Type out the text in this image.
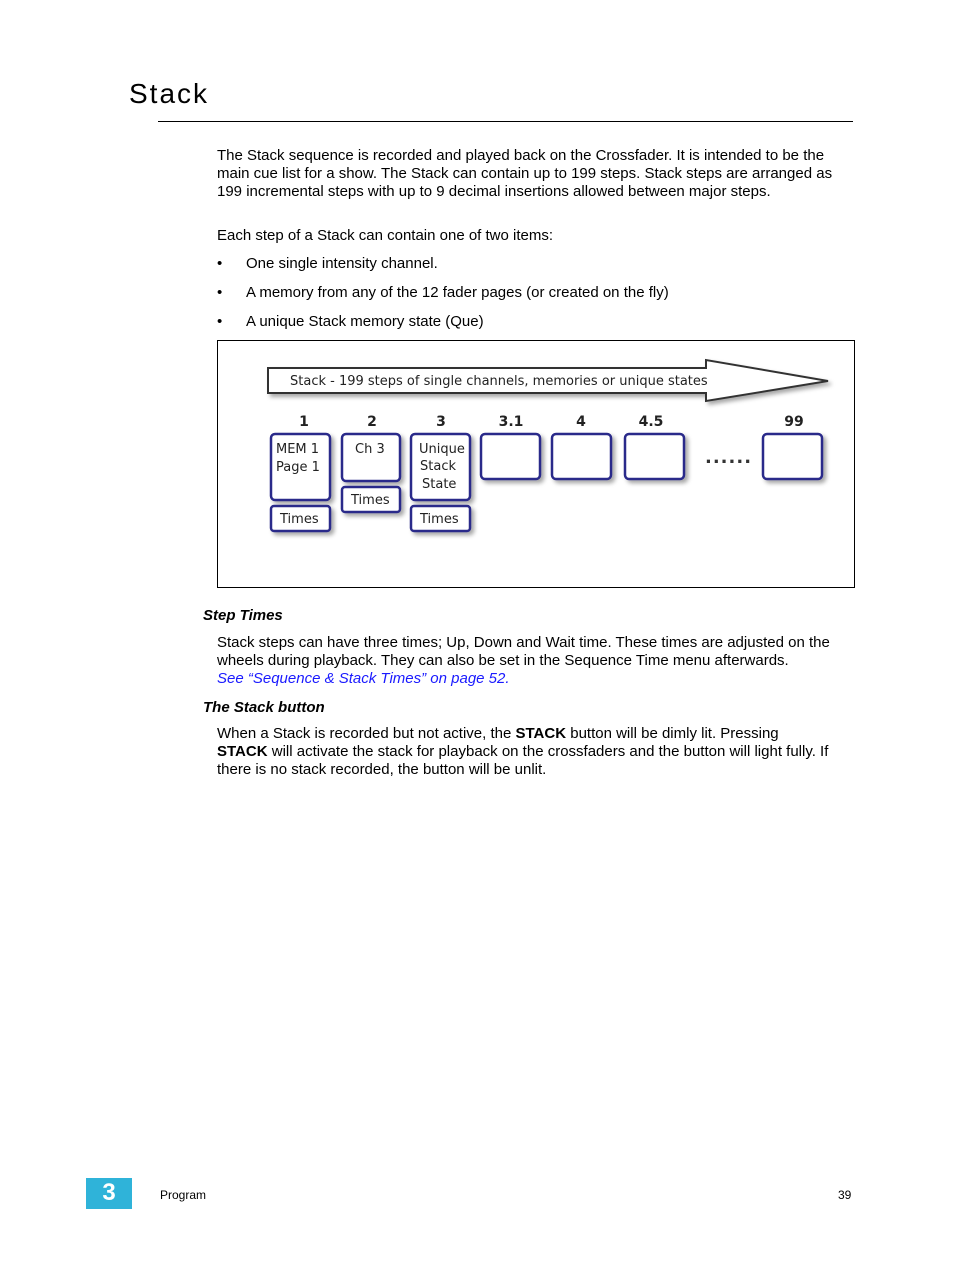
Stack
The Stack sequence is recorded and played back on the Crossfader. It is intended to be the main cue list for a show. The Stack can contain up to 199 steps. Stack steps are arranged as 199 incremental steps with up to 9 decimal insertions allowed between major steps.
Each step of a Stack can contain one of two items:
• One single intensity channel.
• A memory from any of the 12 fader pages (or created on the fly)
• A unique Stack memory state (Que)
Stack - 199 steps of single channels, memories or unique states
1	2	3	3.1	4	4.5	99
MEM 1
Page 1
Ch 3	Unique
Stack
State
Times
Times
Times
......
Step Times
Stack steps can have three times; Up, Down and Wait time. These times are adjusted on the wheels during playback. They can also be set in the Sequence Time menu afterwards.
See “Sequence & Stack Times” on page 52.
The Stack button
When a Stack is recorded but not active, the STACK button will be dimly lit. Pressing
STACK will activate the stack for playback on the crossfaders and the button will light fully. If there is no stack recorded, the button will be unlit.
3	Program	39
